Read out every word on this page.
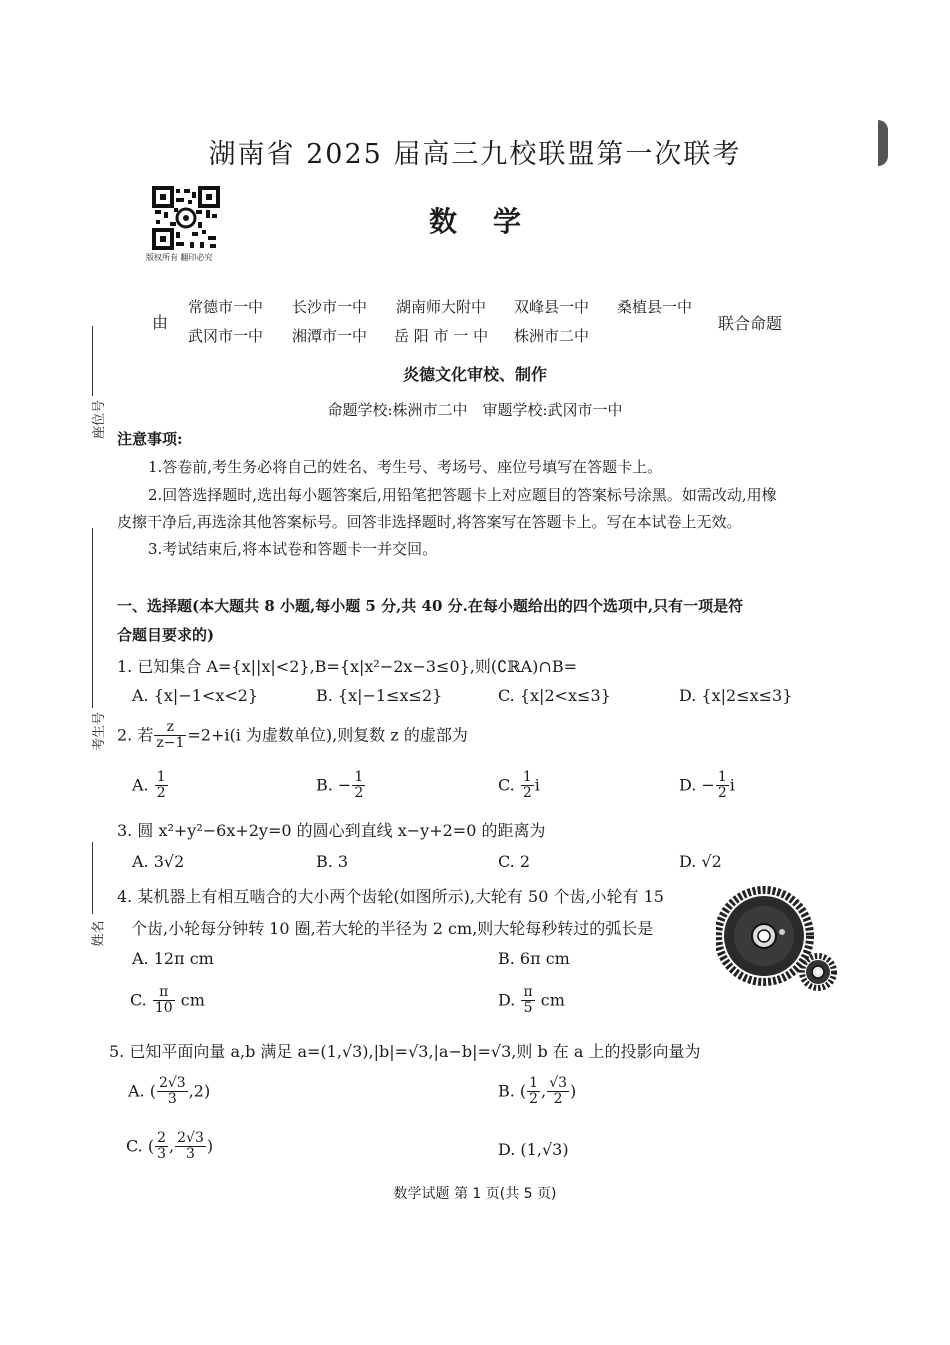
湖南省 2025 届高三九校联盟第一次联考
数学
版权所有 翻印必究
由
常德市一中 长沙市一中 湖南师大附中 双峰县一中 桑植县一中
武冈市一中 湘潭市一中 岳 阳 市 一 中 株洲市二中
联合命题
炎德文化审校、制作
命题学校:株洲市二中　审题学校:武冈市一中
座位号
考生号
姓名
注意事项:
1.答卷前,考生务必将自己的姓名、考生号、考场号、座位号填写在答题卡上。
2.回答选择题时,选出每小题答案后,用铅笔把答题卡上对应题目的答案标号涂黑。如需改动,用橡
皮擦干净后,再选涂其他答案标号。回答非选择题时,将答案写在答题卡上。写在本试卷上无效。
3.考试结束后,将本试卷和答题卡一并交回。
一、选择题(本大题共 8 小题,每小题 5 分,共 40 分.在每小题给出的四个选项中,只有一项是符
合题目要求的)
1. 已知集合 A={x||x|<2},B={x|x²−2x−3≤0},则(∁ℝA)∩B=
A. {x|−1<x<2}	B. {x|−1≤x≤2}	C. {x|2<x≤3}	D. {x|2≤x≤3}
2. 若 $\frac{z}{z-1} =2+i(i$ 为虚数单位),则复数 z 的虚部为
A. $\frac{1}{2}$	B. − $\frac{1}{2}$	C. $\frac{1}{2}$ i	D. − $\frac{1}{2}$ i
3. 圆 x²+y²−6x+2y=0 的圆心到直线 x−y+2=0 的距离为
A. 3√2	B. 3	C. 2	D. √2
4. 某机器上有相互啮合的大小两个齿轮(如图所示),大轮有 50 个齿,小轮有 15
个齿,小轮每分钟转 10 圈,若大轮的半径为 2 cm,则大轮每秒转过的弧长是
A. 12π cm	B. 6π cm
C. $\frac{\pi}{10}$ cm	D. $\frac{\pi}{5}$ cm
5. 已知平面向量 a,b 满足 a=(1,√3),|b|=√3,|a−b|=√3,则 b 在 a 上的投影向量为
A. ( $\frac{2√3}{3} ,2$)	B. ( $\frac{1}{2}$ , $\frac{√3}{2}$ )
C. ( $\frac{2}{3}$ , $\frac{2√3}{3}$ )	D. (1,√3)
数学试题 第 1 页(共 5 页)
